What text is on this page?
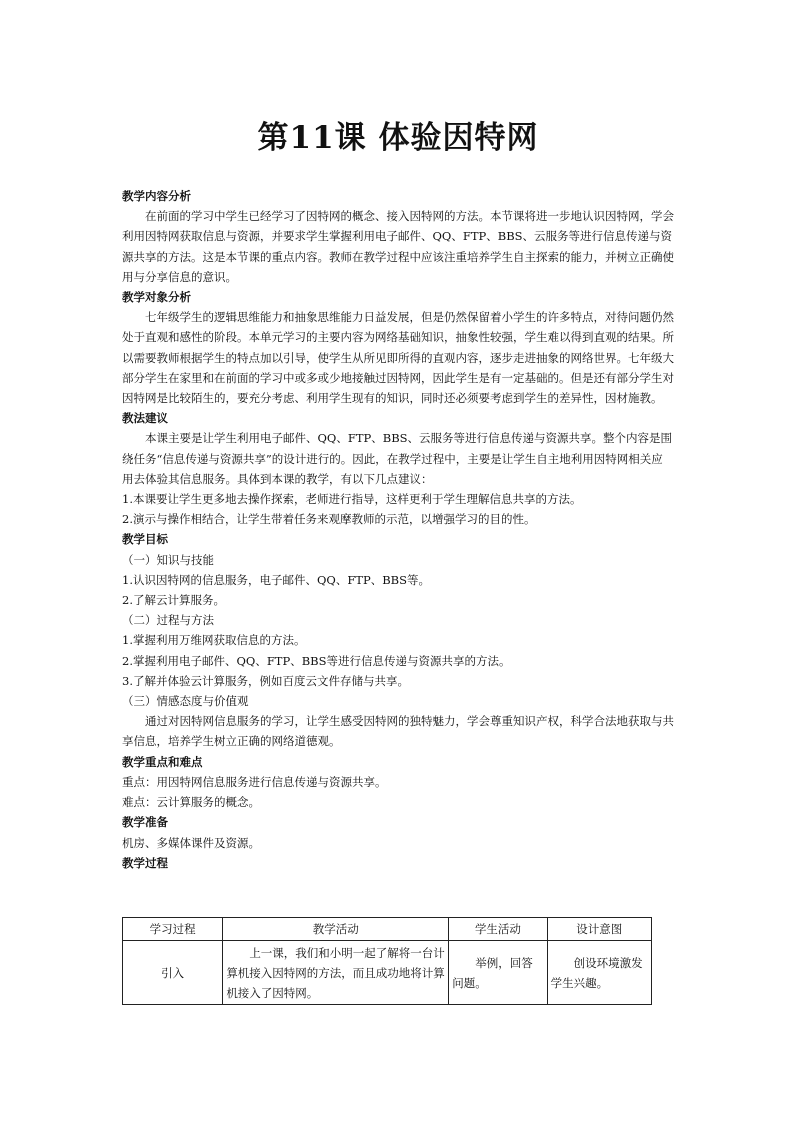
第11课 体验因特网

教学内容分析

在前面的学习中学生已经学习了因特网的概念、接入因特网的方法。本节课将进一步地认识因特网，学会利用因特网获取信息与资源，并要求学生掌握利用电子邮件、QQ、FTP、BBS、云服务等进行信息传递与资源共享的方法。这是本节课的重点内容。教师在教学过程中应该注重培养学生自主探索的能力，并树立正确使用与分享信息的意识。

教学对象分析

七年级学生的逻辑思维能力和抽象思维能力日益发展，但是仍然保留着小学生的许多特点，对待问题仍然处于直观和感性的阶段。本单元学习的主要内容为网络基础知识，抽象性较强，学生难以得到直观的结果。所以需要教师根据学生的特点加以引导，使学生从所见即所得的直观内容，逐步走进抽象的网络世界。七年级大部分学生在家里和在前面的学习中或多或少地接触过因特网，因此学生是有一定基础的。但是还有部分学生对因特网是比较陌生的，要充分考虑、利用学生现有的知识，同时还必须要考虑到学生的差异性，因材施教。

教法建议

本课主要是让学生利用电子邮件、QQ、FTP、BBS、云服务等进行信息传递与资源共享。整个内容是围绕任务“信息传递与资源共享”的设计进行的。因此，在教学过程中，主要是让学生自主地利用因特网相关应用去体验其信息服务。具体到本课的教学，有以下几点建议：

1.本课要让学生更多地去操作探索，老师进行指导，这样更利于学生理解信息共享的方法。

2.演示与操作相结合，让学生带着任务来观摩教师的示范，以增强学习的目的性。

教学目标

（一）知识与技能

1.认识因特网的信息服务，电子邮件、QQ、FTP、BBS等。

2.了解云计算服务。

（二）过程与方法

1.掌握利用万维网获取信息的方法。

2.掌握利用电子邮件、QQ、FTP、BBS等进行信息传递与资源共享的方法。

3.了解并体验云计算服务，例如百度云文件存储与共享。

（三）情感态度与价值观

通过对因特网信息服务的学习，让学生感受因特网的独特魅力，学会尊重知识产权，科学合法地获取与共享信息，培养学生树立正确的网络道德观。

教学重点和难点

重点：用因特网信息服务进行信息传递与资源共享。

难点：云计算服务的概念。

教学准备

机房、多媒体课件及资源。

教学过程

学习过程	教学活动	学生活动	设计意图
引入	上一课，我们和小明一起了解将一台计算机接入因特网的方法，而且成功地将计算机接入了因特网。	举例，回答问题。	创设环境激发学生兴趣。
